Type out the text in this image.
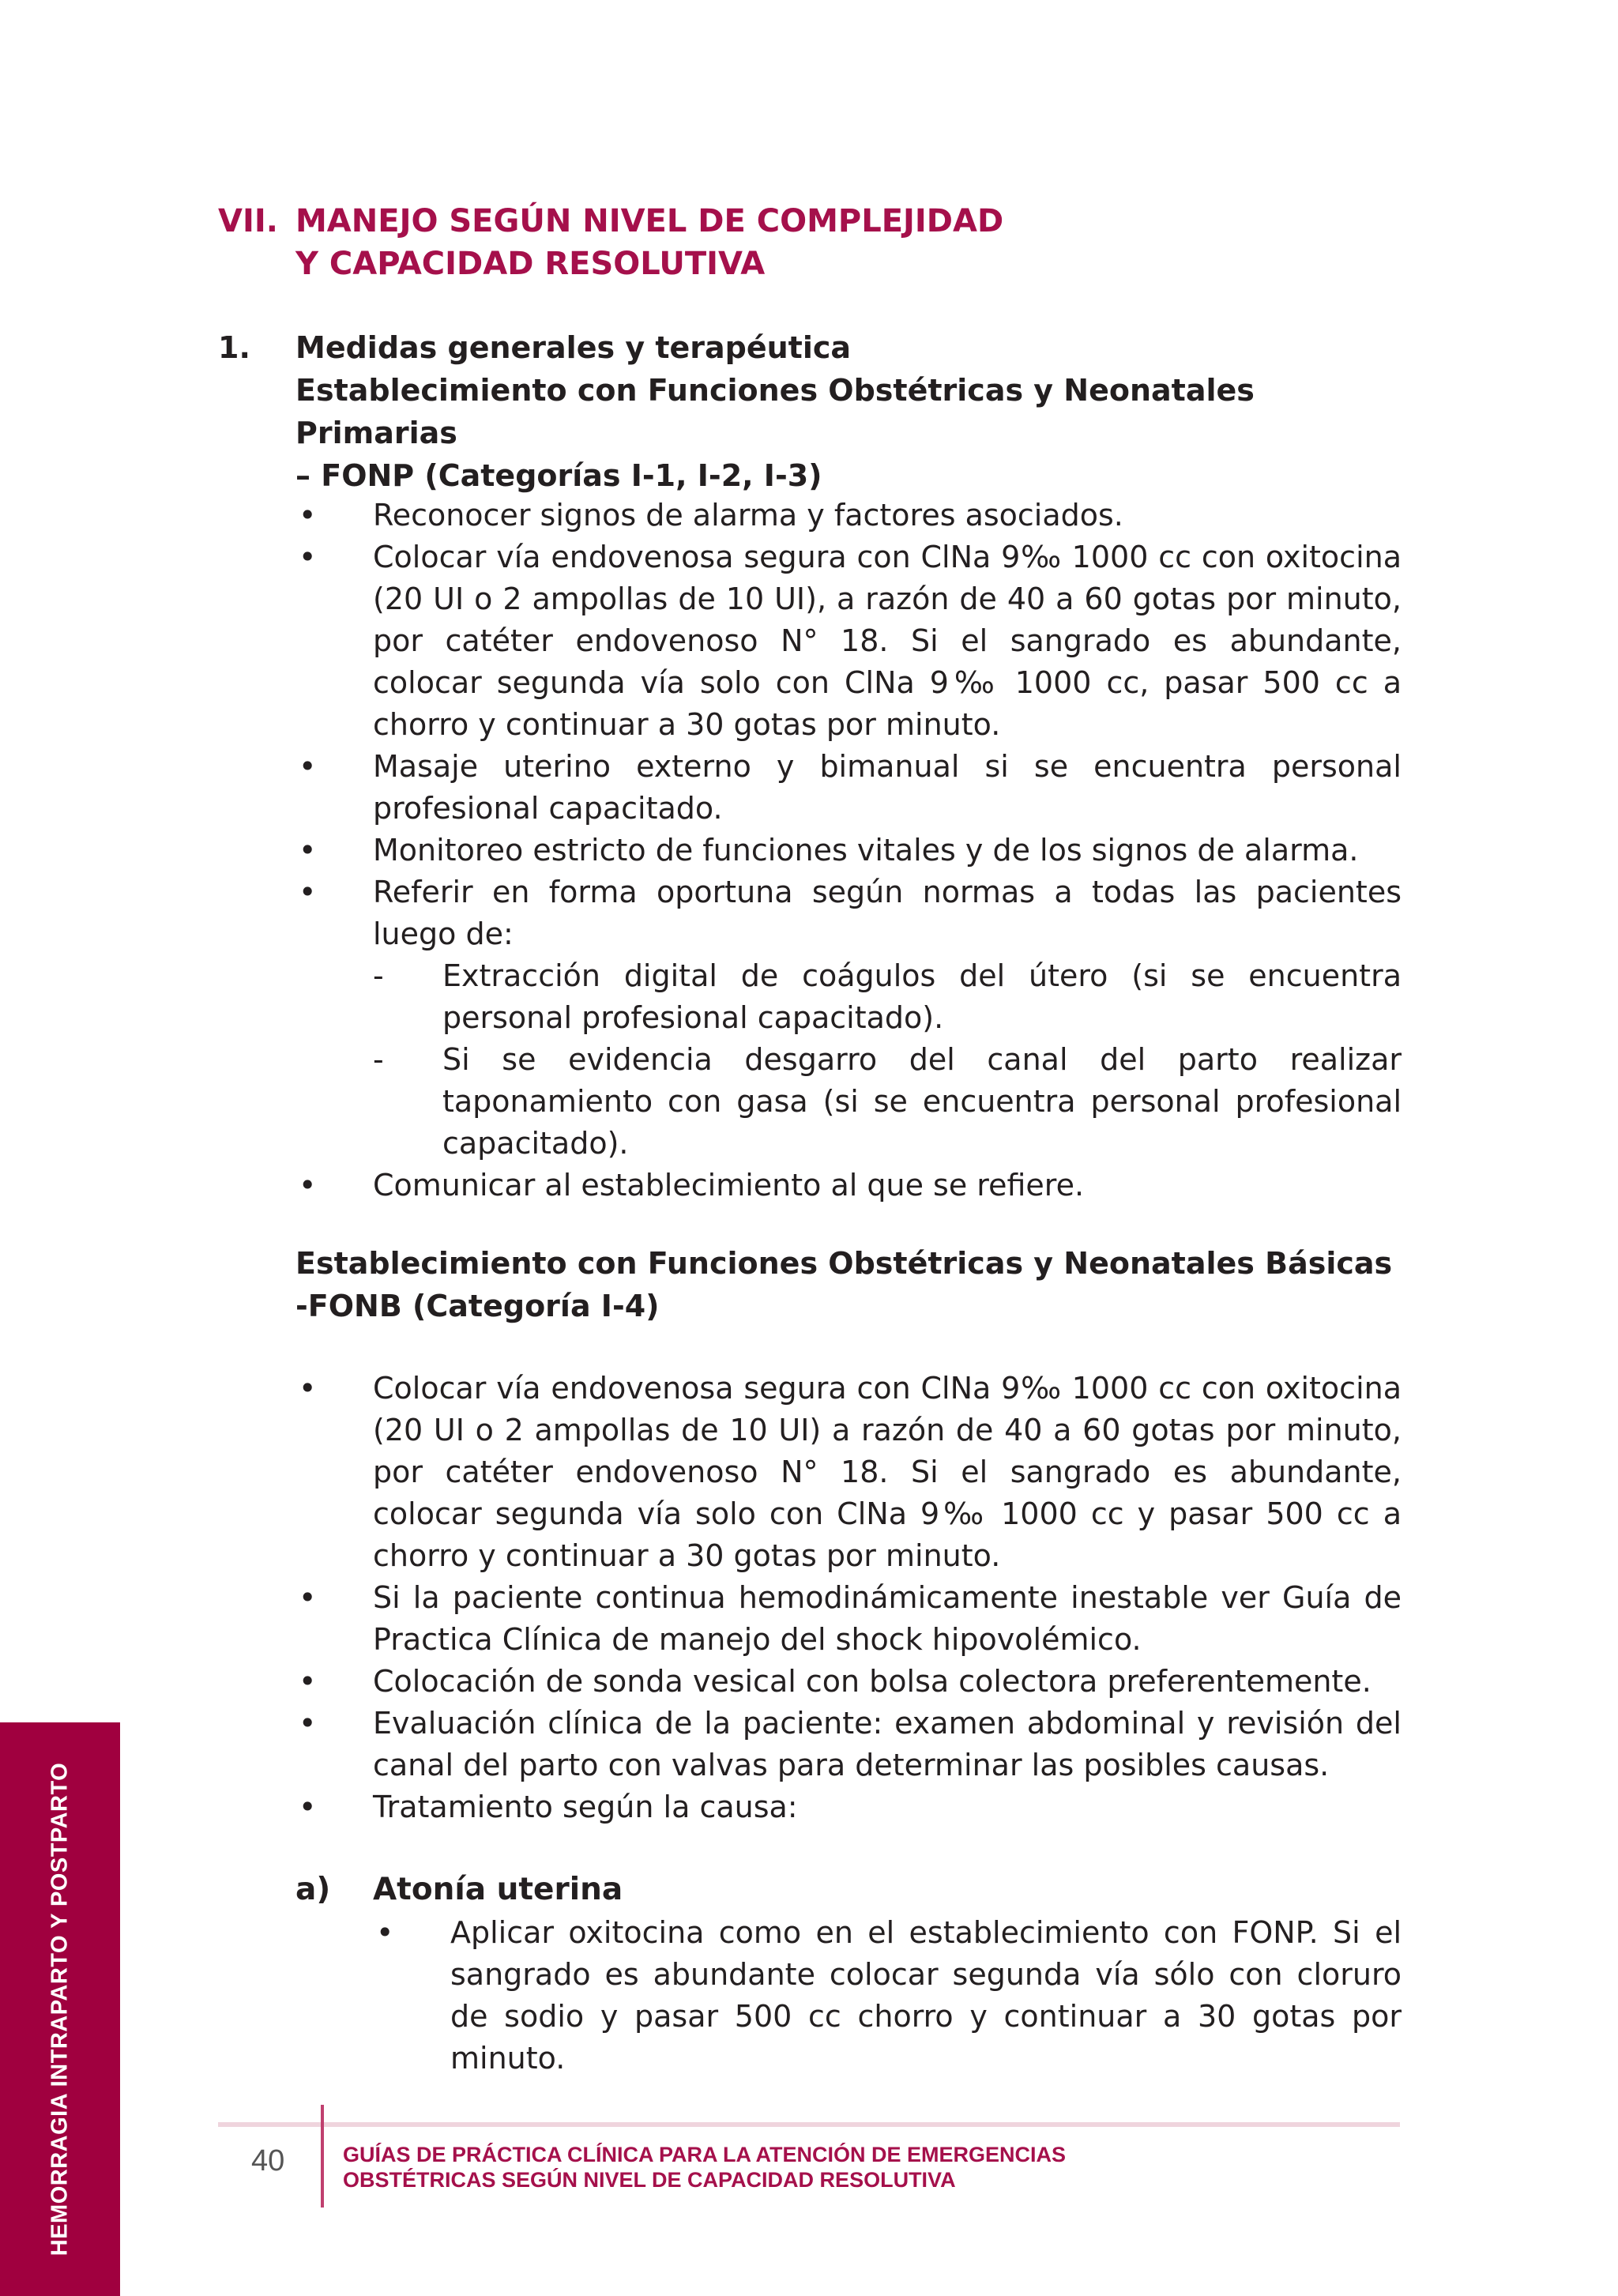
VII. MANEJO SEGÚN NIVEL DE COMPLEJIDAD
Y CAPACIDAD RESOLUTIVA
1. Medidas generales y terapéutica
Establecimiento con Funciones Obstétricas y Neonatales Primarias
– FONP (Categorías I-1, I-2, I-3)
• Reconocer signos de alarma y factores asociados.
• Colocar vía endovenosa segura con ClNa 9‰ 1000 cc con oxitocina (20 UI o 2 ampollas de 10 UI), a razón de 40 a 60 gotas por minuto, por catéter endovenoso N° 18. Si el sangrado es abundante, colocar segunda vía solo con ClNa 9‰ 1000 cc, pasar 500 cc a chorro y continuar a 30 gotas por minuto.
• Masaje uterino externo y bimanual si se encuentra personal profesional capacitado.
• Monitoreo estricto de funciones vitales y de los signos de alarma.
• Referir en forma oportuna según normas a todas las pacientes luego de:
- Extracción digital de coágulos del útero (si se encuentra personal profesional capacitado).
- Si se evidencia desgarro del canal del parto realizar taponamiento con gasa (si se encuentra personal profesional capacitado).
• Comunicar al establecimiento al que se refiere.
Establecimiento con Funciones Obstétricas y Neonatales Básicas
-FONB (Categoría I-4)
• Colocar vía endovenosa segura con ClNa 9‰ 1000 cc con oxitocina (20 UI o 2 ampollas de 10 UI) a razón de 40 a 60 gotas por minuto, por catéter endovenoso N° 18. Si el sangrado es abundante, colocar segunda vía solo con ClNa 9‰ 1000 cc y pasar 500 cc a chorro y continuar a 30 gotas por minuto.
• Si la paciente continua hemodinámicamente inestable ver Guía de Practica Clínica de manejo del shock hipovolémico.
• Colocación de sonda vesical con bolsa colectora preferentemente.
• Evaluación clínica de la paciente: examen abdominal y revisión del canal del parto con valvas para determinar las posibles causas.
• Tratamiento según la causa:
a) Atonía uterina
• Aplicar oxitocina como en el establecimiento con FONP. Si el sangrado es abundante colocar segunda vía sólo con cloruro de sodio y pasar 500 cc chorro y continuar a 30 gotas por minuto.
HEMORRAGIA INTRAPARTO Y POSTPARTO	40	GUÍAS DE PRÁCTICA CLÍNICA PARA LA ATENCIÓN DE EMERGENCIAS
OBSTÉTRICAS SEGÚN NIVEL DE CAPACIDAD RESOLUTIVA
